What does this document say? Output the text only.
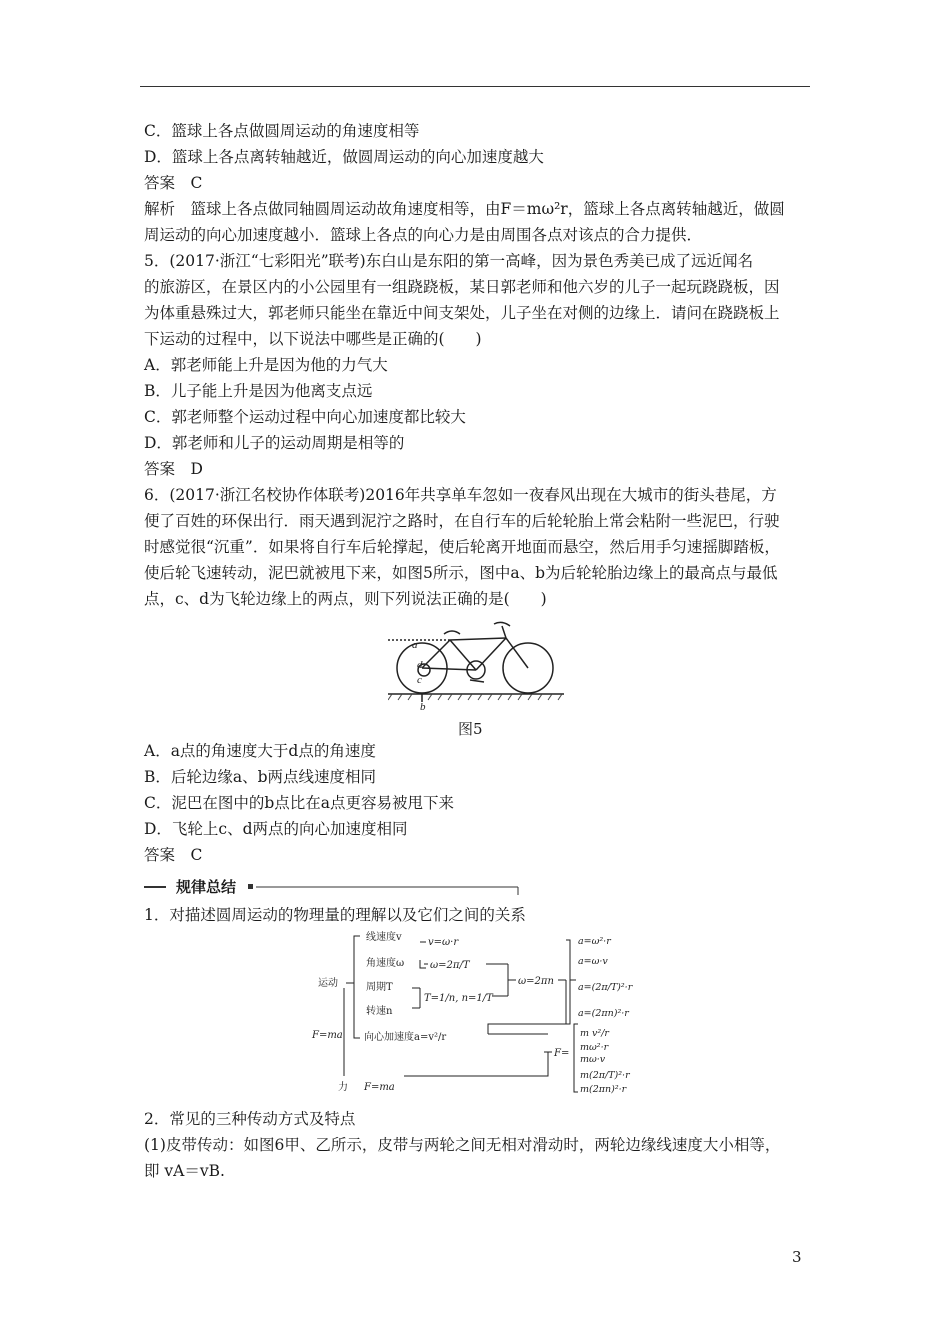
C．篮球上各点做圆周运动的角速度相等
D．篮球上各点离转轴越近，做圆周运动的向心加速度越大
答案　C
解析　篮球上各点做同轴圆周运动故角速度相等，由F＝mω²r，篮球上各点离转轴越近，做圆
周运动的向心加速度越小．篮球上各点的向心力是由周围各点对该点的合力提供．
5．(2017·浙江“七彩阳光”联考)东白山是东阳的第一高峰，因为景色秀美已成了远近闻名
的旅游区，在景区内的小公园里有一组跷跷板，某日郭老师和他六岁的儿子一起玩跷跷板，因
为体重悬殊过大，郭老师只能坐在靠近中间支架处，儿子坐在对侧的边缘上．请问在跷跷板上
下运动的过程中，以下说法中哪些是正确的(　　)
A．郭老师能上升是因为他的力气大
B．儿子能上升是因为他离支点远
C．郭老师整个运动过程中向心加速度都比较大
D．郭老师和儿子的运动周期是相等的
答案　D
6．(2017·浙江名校协作体联考)2016年共享单车忽如一夜春风出现在大城市的街头巷尾，方
便了百姓的环保出行．雨天遇到泥泞之路时，在自行车的后轮轮胎上常会粘附一些泥巴，行驶
时感觉很“沉重”．如果将自行车后轮撑起，使后轮离开地面而悬空，然后用手匀速摇脚踏板，
使后轮飞速转动，泥巴就被甩下来，如图5所示，图中a、b为后轮轮胎边缘上的最高点与最低
点，c、d为飞轮边缘上的两点，则下列说法正确的是(　　)
a
d
c
b
图5
A．a点的角速度大于d点的角速度
B．后轮边缘a、b两点线速度相同
C．泥巴在图中的b点比在a点更容易被甩下来
D．飞轮上c、d两点的向心加速度相同
答案　C
规律总结
1．对描述圆周运动的物理量的理解以及它们之间的关系
运动
F=ma
力 F=ma
线速度v
角速度ω
周期T
转速n
向心加速度a=v²/r
v=ω·r
ω=2π/T
T=1/n, n=1/T
ω=2πn
F=
a=ω²·r
a=ω·v
a=(2π/T)²·r
a=(2πn)²·r
m v²/r
mω²·r
mω·v
m(2π/T)²·r
m(2πn)²·r
2．常见的三种传动方式及特点
(1)皮带传动：如图6甲、乙所示，皮带与两轮之间无相对滑动时，两轮边缘线速度大小相等，
即 vA＝vB.
3
